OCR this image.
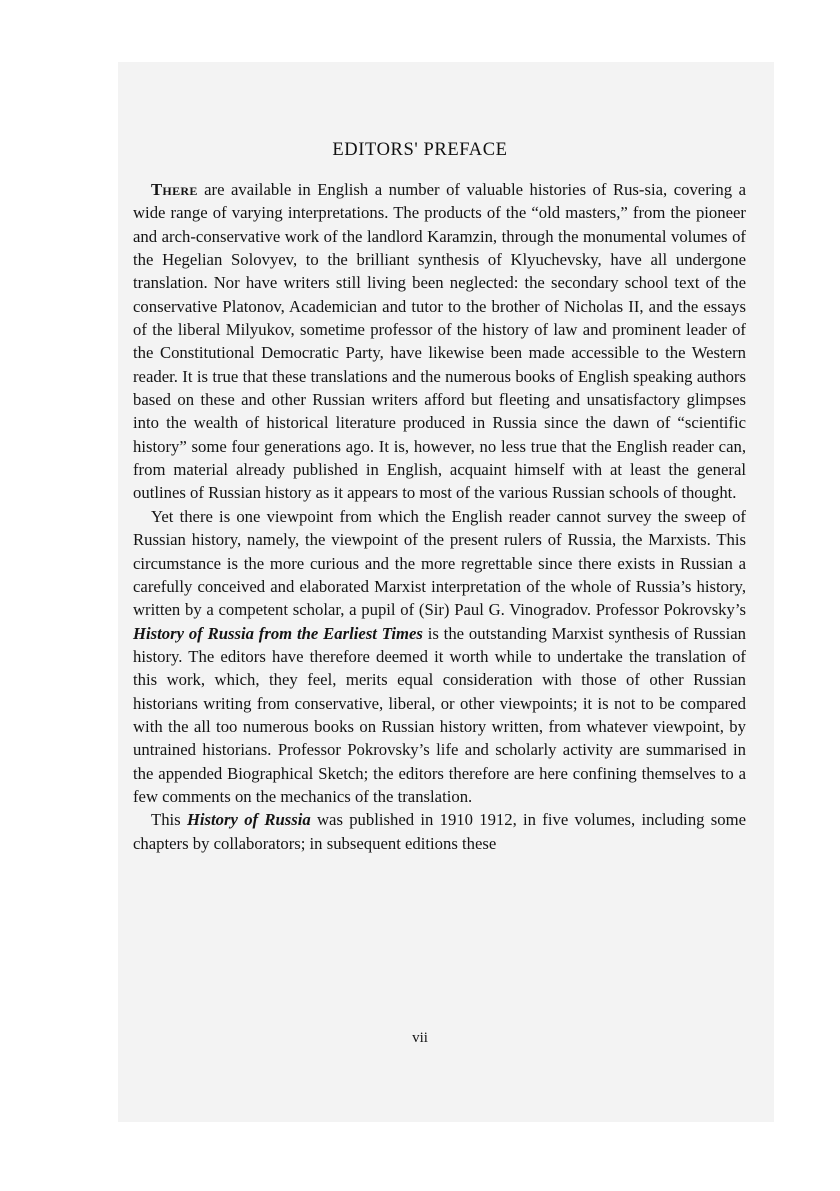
EDITORS' PREFACE

There are available in English a number of valuable histories of Rus-sia, covering a wide range of varying interpretations. The products of the “old masters,” from the pioneer and arch-conservative work of the landlord Karamzin, through the monumental volumes of the Hegelian Solovyev, to the brilliant synthesis of Klyuchevsky, have all undergone translation. Nor have writers still living been neglected: the secondary school text of the conservative Platonov, Academician and tutor to the brother of Nicholas II, and the essays of the liberal Milyukov, sometime professor of the history of law and prominent leader of the Constitutional Democratic Party, have likewise been made accessible to the Western reader. It is true that these translations and the numerous books of English speaking authors based on these and other Russian writers afford but fleeting and unsatisfactory glimpses into the wealth of historical literature produced in Russia since the dawn of “scientific history” some four generations ago. It is, however, no less true that the English reader can, from material already published in English, acquaint himself with at least the general outlines of Russian history as it appears to most of the various Russian schools of thought.

Yet there is one viewpoint from which the English reader cannot survey the sweep of Russian history, namely, the viewpoint of the present rulers of Russia, the Marxists. This circumstance is the more curious and the more regrettable since there exists in Russian a carefully conceived and elaborated Marxist interpretation of the whole of Russia’s history, written by a competent scholar, a pupil of (Sir) Paul G. Vinogradov. Professor Pokrovsky’s History of Russia from the Earliest Times is the outstanding Marxist synthesis of Russian history. The editors have therefore deemed it worth while to undertake the translation of this work, which, they feel, merits equal consideration with those of other Russian historians writing from conservative, liberal, or other viewpoints; it is not to be compared with the all too numerous books on Russian history written, from whatever viewpoint, by untrained historians. Professor Pokrovsky’s life and scholarly activity are summarised in the appended Biographical Sketch; the editors therefore are here confining themselves to a few comments on the mechanics of the translation.

This History of Russia was published in 1910 1912, in five volumes, including some chapters by collaborators; in subsequent editions these

vii
